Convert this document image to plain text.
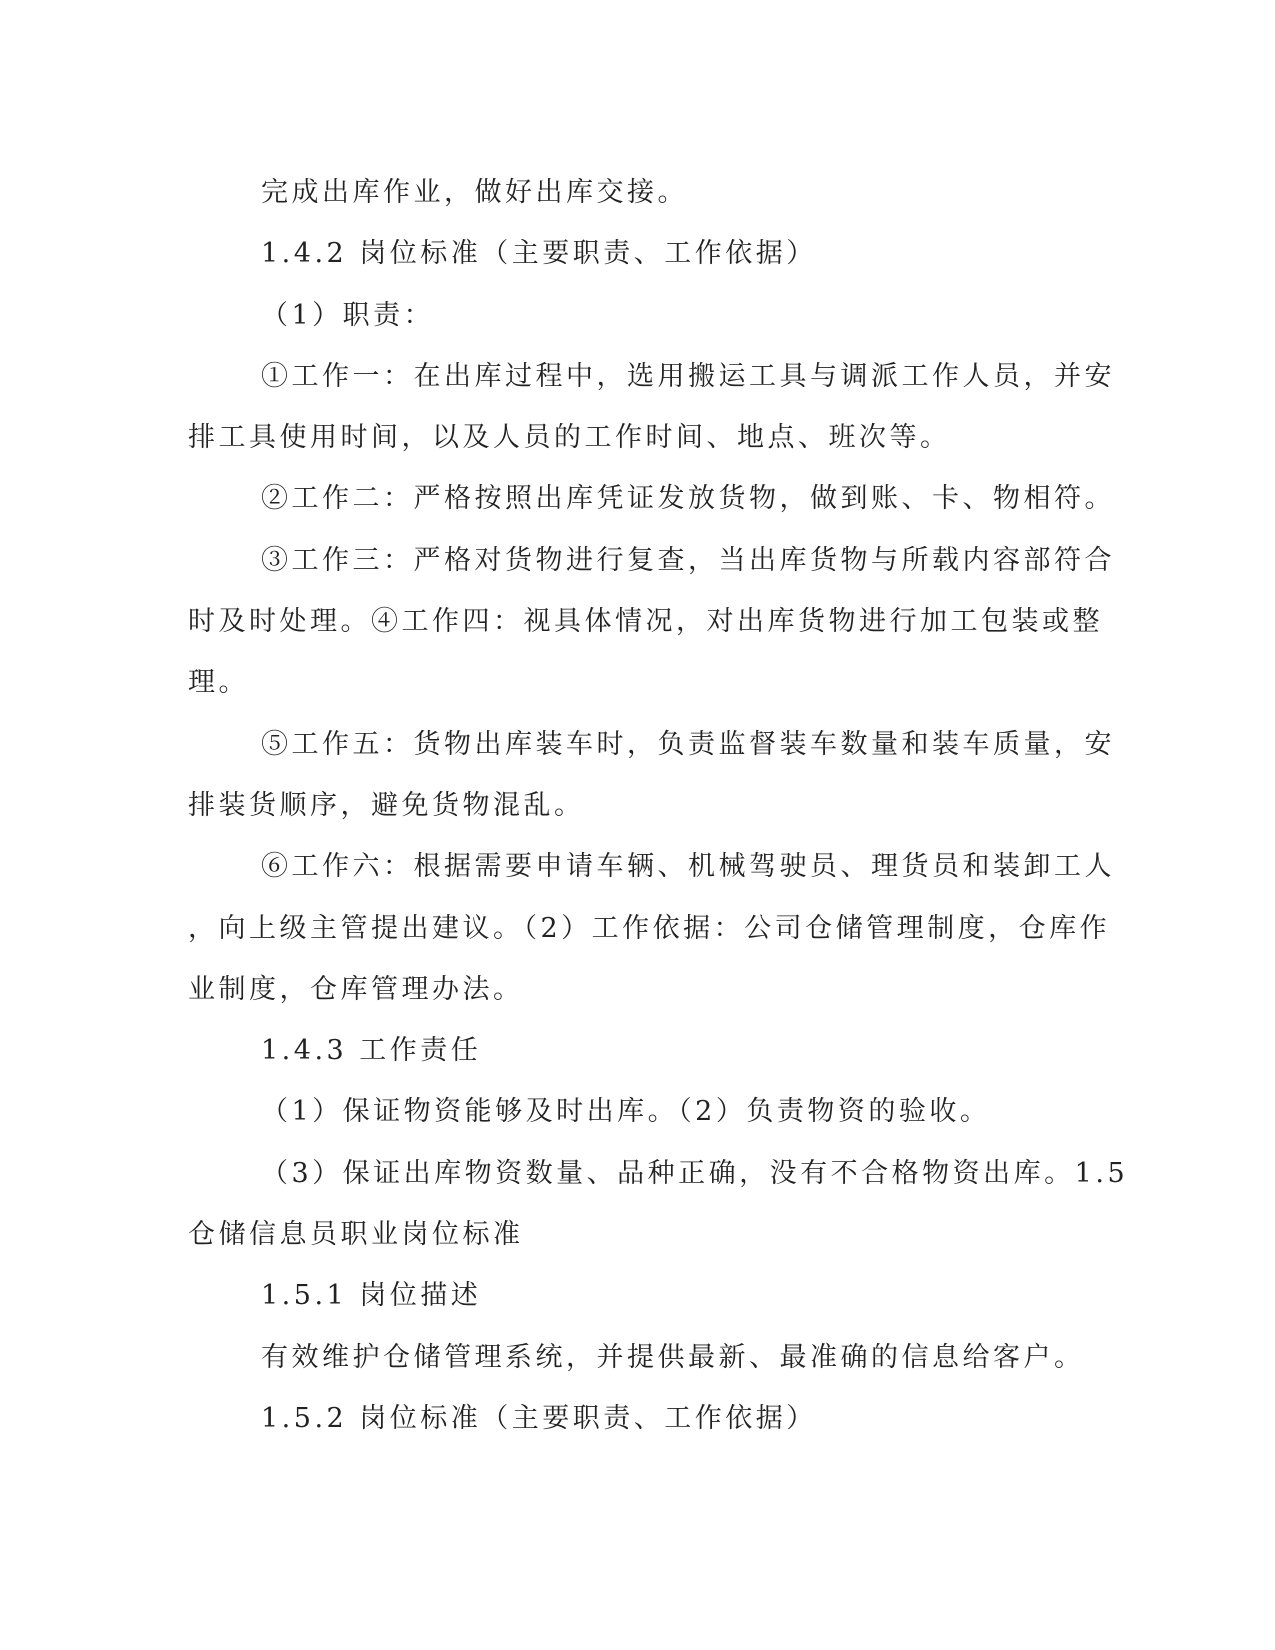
完成出库作业，做好出库交接。
1.4.2 岗位标准（主要职责、工作依据）
（1）职责：
①工作一：在出库过程中，选用搬运工具与调派工作人员，并安
排工具使用时间，以及人员的工作时间、地点、班次等。
②工作二：严格按照出库凭证发放货物，做到账、卡、物相符。
③工作三：严格对货物进行复查，当出库货物与所载内容部符合
时及时处理。④工作四：视具体情况，对出库货物进行加工包装或整
理。
⑤工作五：货物出库装车时，负责监督装车数量和装车质量，安
排装货顺序，避免货物混乱。
⑥工作六：根据需要申请车辆、机械驾驶员、理货员和装卸工人
，向上级主管提出建议。（2）工作依据：公司仓储管理制度，仓库作
业制度，仓库管理办法。
1.4.3 工作责任
（1）保证物资能够及时出库。（2）负责物资的验收。
（3）保证出库物资数量、品种正确，没有不合格物资出库。1.5
仓储信息员职业岗位标准
1.5.1 岗位描述
有效维护仓储管理系统，并提供最新、最准确的信息给客户。
1.5.2 岗位标准（主要职责、工作依据）
